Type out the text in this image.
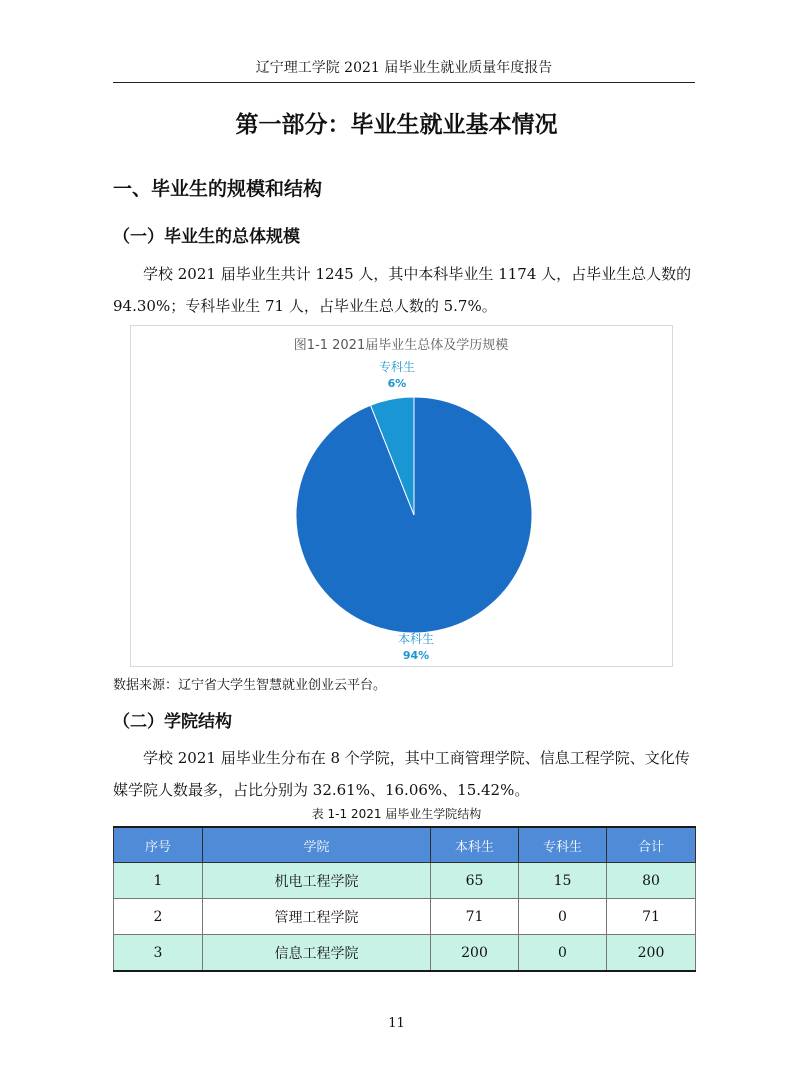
辽宁理工学院 2021 届毕业生就业质量年度报告
第一部分：毕业生就业基本情况
一、毕业生的规模和结构
（一）毕业生的总体规模
学校 2021 届毕业生共计 1245 人，其中本科毕业生 1174 人，占毕业生总人数的 94.30%；专科毕业生 71 人，占毕业生总人数的 5.7%。
图1-1 2021届毕业生总体及学历规模
本科生
94%
专科生
6%
数据来源：辽宁省大学生智慧就业创业云平台。
（二）学院结构
学校 2021 届毕业生分布在 8 个学院，其中工商管理学院、信息工程学院、文化传媒学院人数最多，占比分别为 32.61%、16.06%、15.42%。
表 1-1 2021 届毕业生学院结构
序号	学院	本科生	专科生	合计
1	机电工程学院	65	15	80
2	管理工程学院	71	0	71
3	信息工程学院	200	0	200
11
